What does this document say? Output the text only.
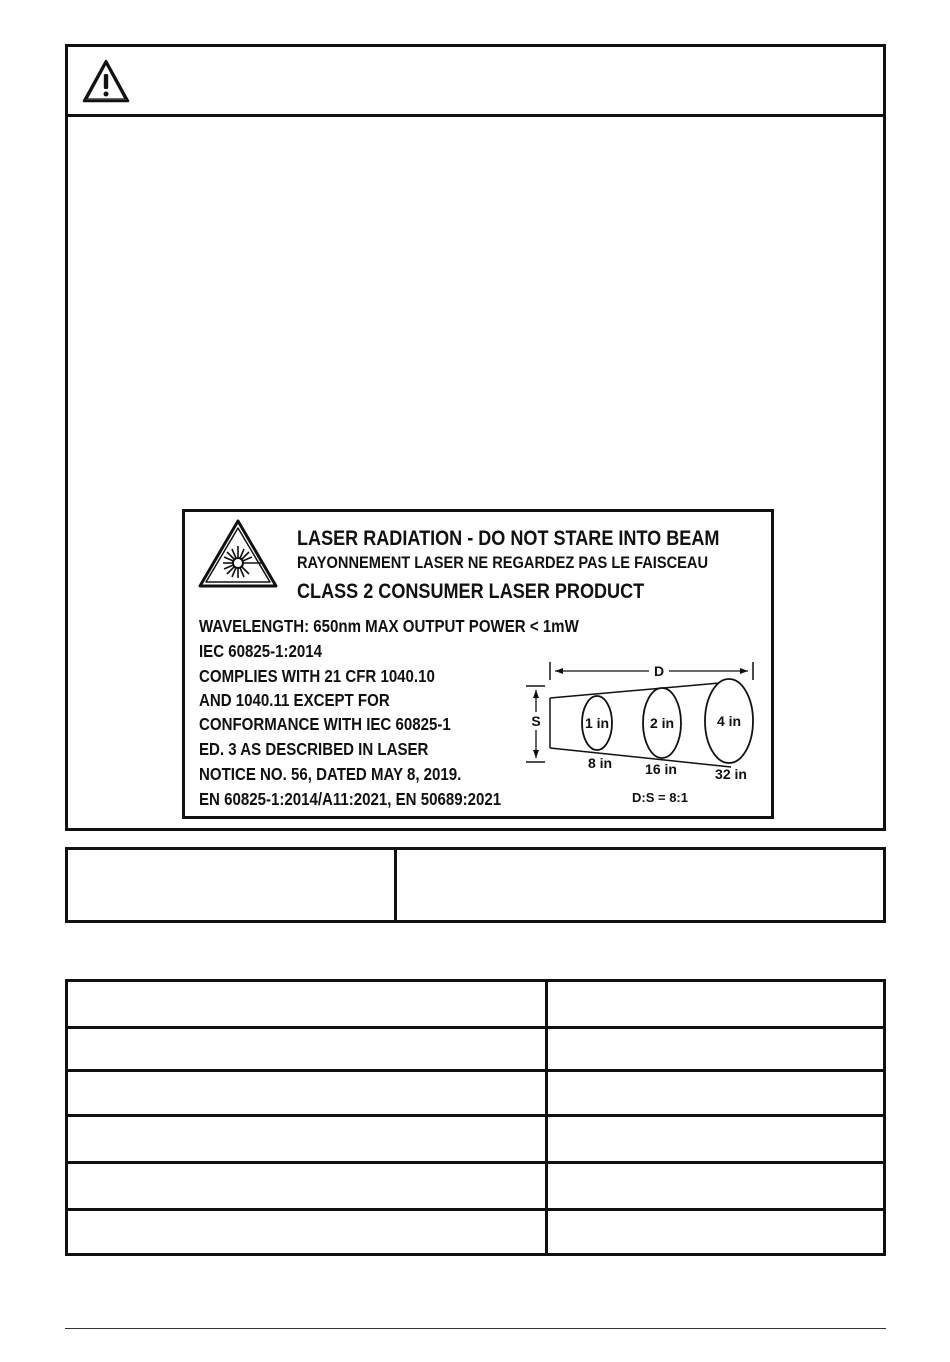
LASER RADIATION - DO NOT STARE INTO BEAM
RAYONNEMENT LASER NE REGARDEZ PAS LE FAISCEAU
CLASS 2 CONSUMER LASER PRODUCT
WAVELENGTH: 650nm MAX OUTPUT POWER < 1mW
IEC 60825-1:2014
COMPLIES WITH 21 CFR 1040.10
AND 1040.11 EXCEPT FOR
CONFORMANCE WITH IEC 60825-1
ED. 3 AS DESCRIBED IN LASER
NOTICE NO. 56, DATED MAY 8, 2019.
EN 60825-1:2014/A11:2021, EN 50689:2021
D
S	1 in	2 in	4 in
8 in 16 in	32 in
D:S = 8:1
